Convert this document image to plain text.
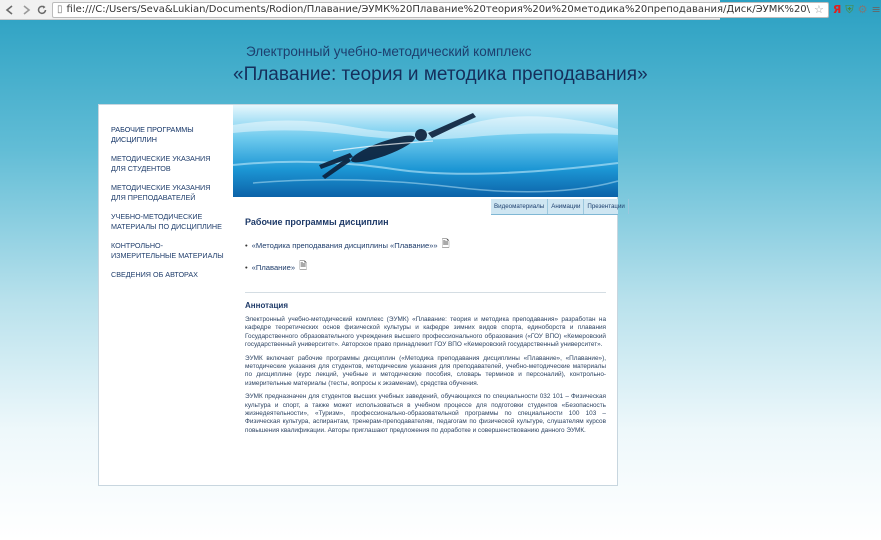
▯ file:///C:/Users/Seva&Lukian/Documents/Rodion/Плавание/ЭУМК%20Плавание%20теория%20и%20методика%20преподавания/Диск/ЭУМК%20\ ☆ Я ⛨ ⚙ ≡
Электронный учебно-методический комплекс
«Плавание: теория и методика преподавания»
РАБОЧИЕ ПРОГРАММЫ ДИСЦИПЛИН
МЕТОДИЧЕСКИЕ УКАЗАНИЯ ДЛЯ СТУДЕНТОВ
МЕТОДИЧЕСКИЕ УКАЗАНИЯ ДЛЯ ПРЕПОДАВАТЕЛЕЙ
УЧЕБНО-МЕТОДИЧЕСКИЕ МАТЕРИАЛЫ ПО ДИСЦИПЛИНЕ
КОНТРОЛЬНО-ИЗМЕРИТЕЛЬНЫЕ МАТЕРИАЛЫ
СВЕДЕНИЯ ОБ АВТОРАХ
Видеоматериалы	Анимации	Презентации
Рабочие программы дисциплин
• «Методика преподавания дисциплины «Плавание»» 🗎
• «Плавание» 🗎
Аннотация

Электронный учебно-методический комплекс (ЭУМК) «Плавание: теория и методика преподавания» разработан на кафедре теоретических основ физической культуры и кафедре зимних видов спорта, единоборств и плавания Государственного образовательного учреждения высшего профессионального образования («ГОУ ВПО) «Кемеровский государственный университет». Авторское право принадлежит ГОУ ВПО «Кемеровский государственный университет».

ЭУМК включает рабочие программы дисциплин («Методика преподавания дисциплины «Плавание», «Плавание»), методические указания для студентов, методические указания для преподавателей, учебно-методические материалы по дисциплине (курс лекций, учебные и методические пособия, словарь терминов и персоналий), контрольно-измерительные материалы (тесты, вопросы к экзаменам), средства обучения.

ЭУМК предназначен для студентов высших учебных заведений, обучающихся по специальности 032 101 – Физическая культура и спорт, а также может использоваться в учебном процессе для подготовки студентов «Безопасность жизнедеятельности», «Туризм», профессионально-образовательной программы по специальности 100 103 – Физическая культура, аспирантам, тренерам-преподавателям, педагогам по физической культуре, слушателям курсов повышения квалификации. Авторы приглашают предложения по доработке и совершенствованию данного ЭУМК.
